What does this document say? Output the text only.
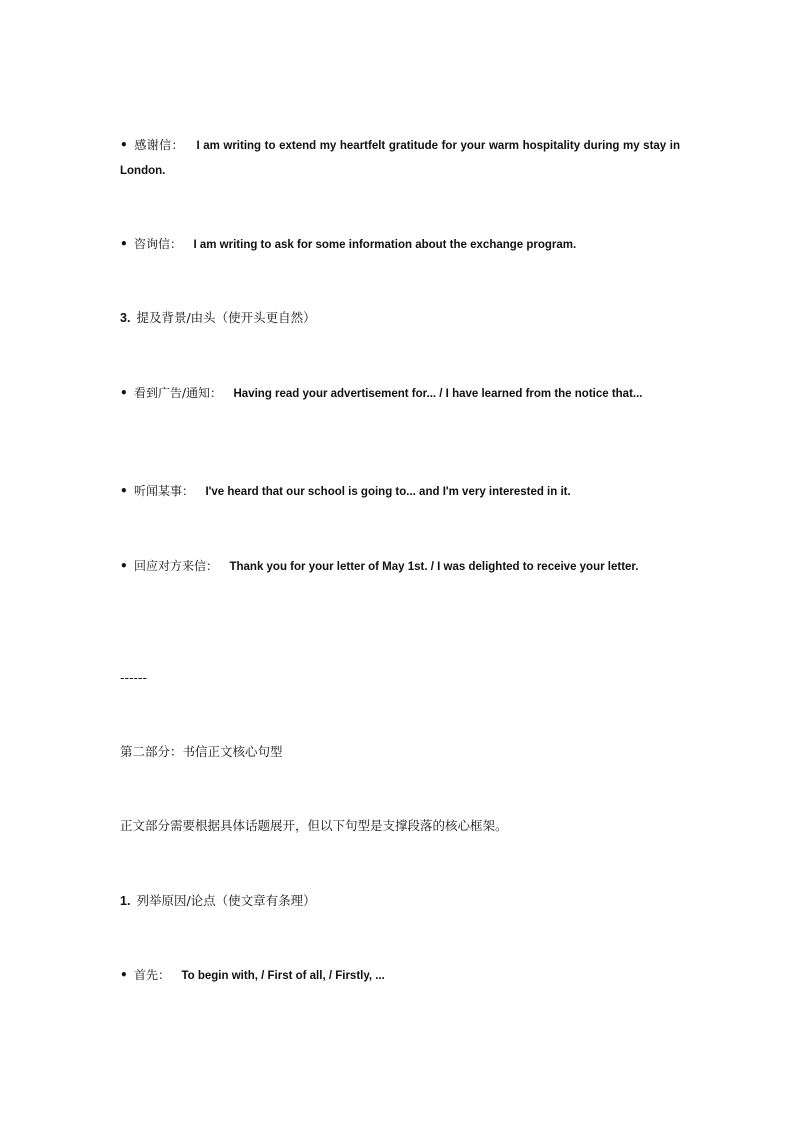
• 感谢信： I am writing to extend my heartfelt gratitude for your warm hospitality during my stay in London.
• 咨询信： I am writing to ask for some information about the exchange program.
3. 提及背景/由头（使开头更自然）
• 看到广告/通知： Having read your advertisement for... / I have learned from the notice that...
• 听闻某事： I've heard that our school is going to... and I'm very interested in it.
• 回应对方来信： Thank you for your letter of May 1st. / I was delighted to receive your letter.
------
第二部分：书信正文核心句型
正文部分需要根据具体话题展开，但以下句型是支撑段落的核心框架。
1. 列举原因/论点（使文章有条理）
• 首先： To begin with, / First of all, / Firstly, ...
